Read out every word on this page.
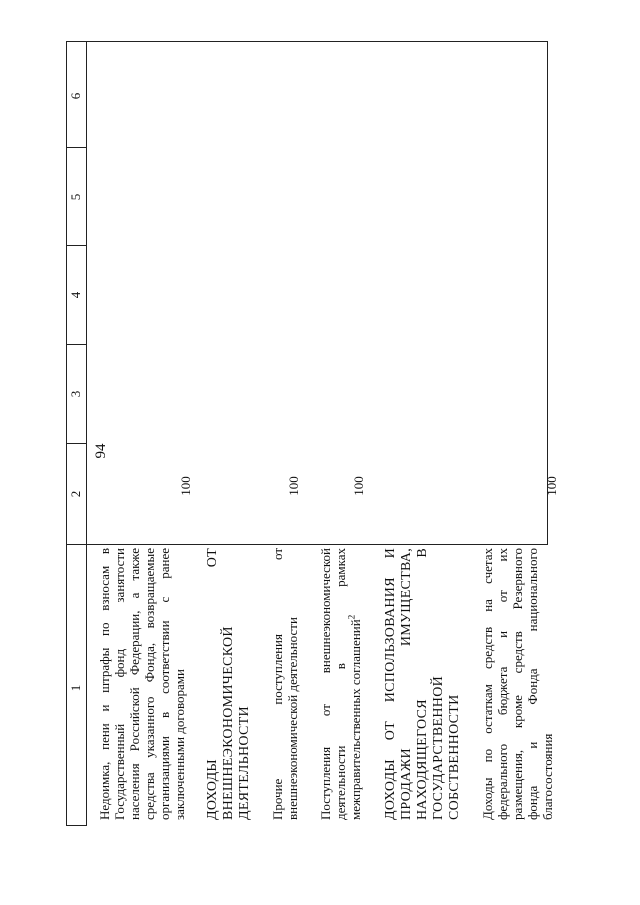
94
1
2
3
4
5
6
Недоимка, пени и штрафы по взносам в Государственный фонд занятости населения Российской Федерации, а также средства указанного Фонда, возвращаемые организациями в соответствии с ранее заключенными договорами
100
ДОХОДЫ ОТ ВНЕШНЕЭКОНОМИЧЕСКОЙ ДЕЯТЕЛЬНОСТИ Прочие поступления от внешнеэкономической деятельности
100
Поступления от внешнеэкономической деятельности в рамках межправительственных соглашений$^2$
100
ДОХОДЫ ОТ ИСПОЛЬЗОВАНИЯ И ПРОДАЖИ ИМУЩЕСТВА, НАХОДЯЩЕГОСЯ В ГОСУДАРСТВЕННОЙ СОБСТВЕННОСТИ Доходы по остаткам средств на счетах федерального бюджета и от их размещения, кроме средств Резервного фонда и Фонда национального благосостояния
100
